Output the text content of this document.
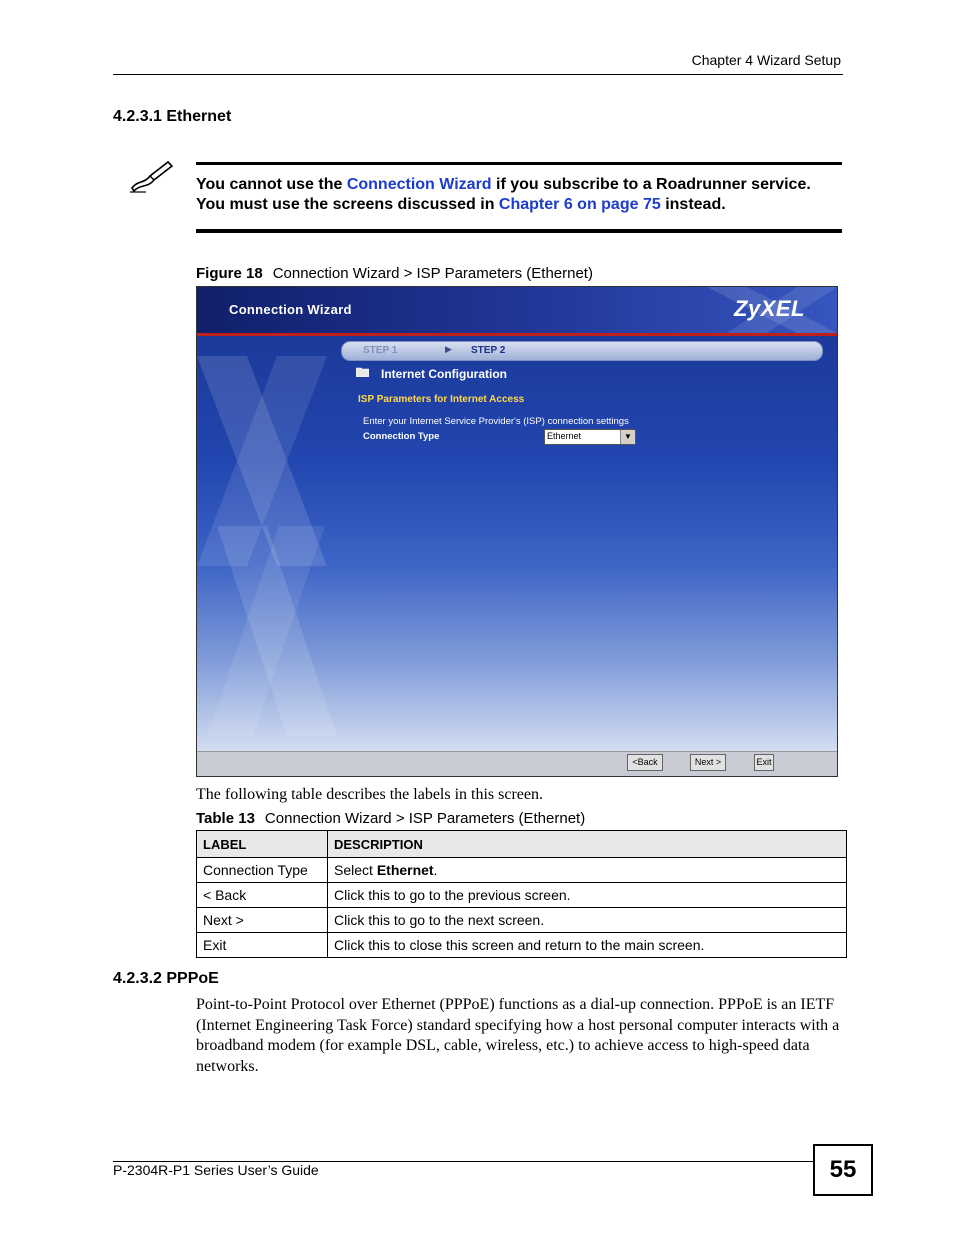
Chapter 4 Wizard Setup
4.2.3.1 Ethernet
You cannot use the Connection Wizard if you subscribe to a Roadrunner service. You must use the screens discussed in Chapter 6 on page 75 instead.
Figure 18 Connection Wizard > ISP Parameters (Ethernet)
Connection Wizard	ZyXEL
STEP 1	▶ STEP 2
Internet Configuration
ISP Parameters for Internet Access
Enter your Internet Service Provider's (ISP) connection settings
Connection Type	Ethernet	▼
<Back	Next >	Exit
The following table describes the labels in this screen.
Table 13 Connection Wizard > ISP Parameters (Ethernet)
LABEL	DESCRIPTION
Connection Type	Select Ethernet.
< Back	Click this to go to the previous screen.
Next >	Click this to go to the next screen.
Exit	Click this to close this screen and return to the main screen.
4.2.3.2 PPPoE
Point-to-Point Protocol over Ethernet (PPPoE) functions as a dial-up connection. PPPoE is an IETF (Internet Engineering Task Force) standard specifying how a host personal computer interacts with a broadband modem (for example DSL, cable, wireless, etc.) to achieve access to high-speed data networks.
P-2304R-P1 Series User’s Guide	55
